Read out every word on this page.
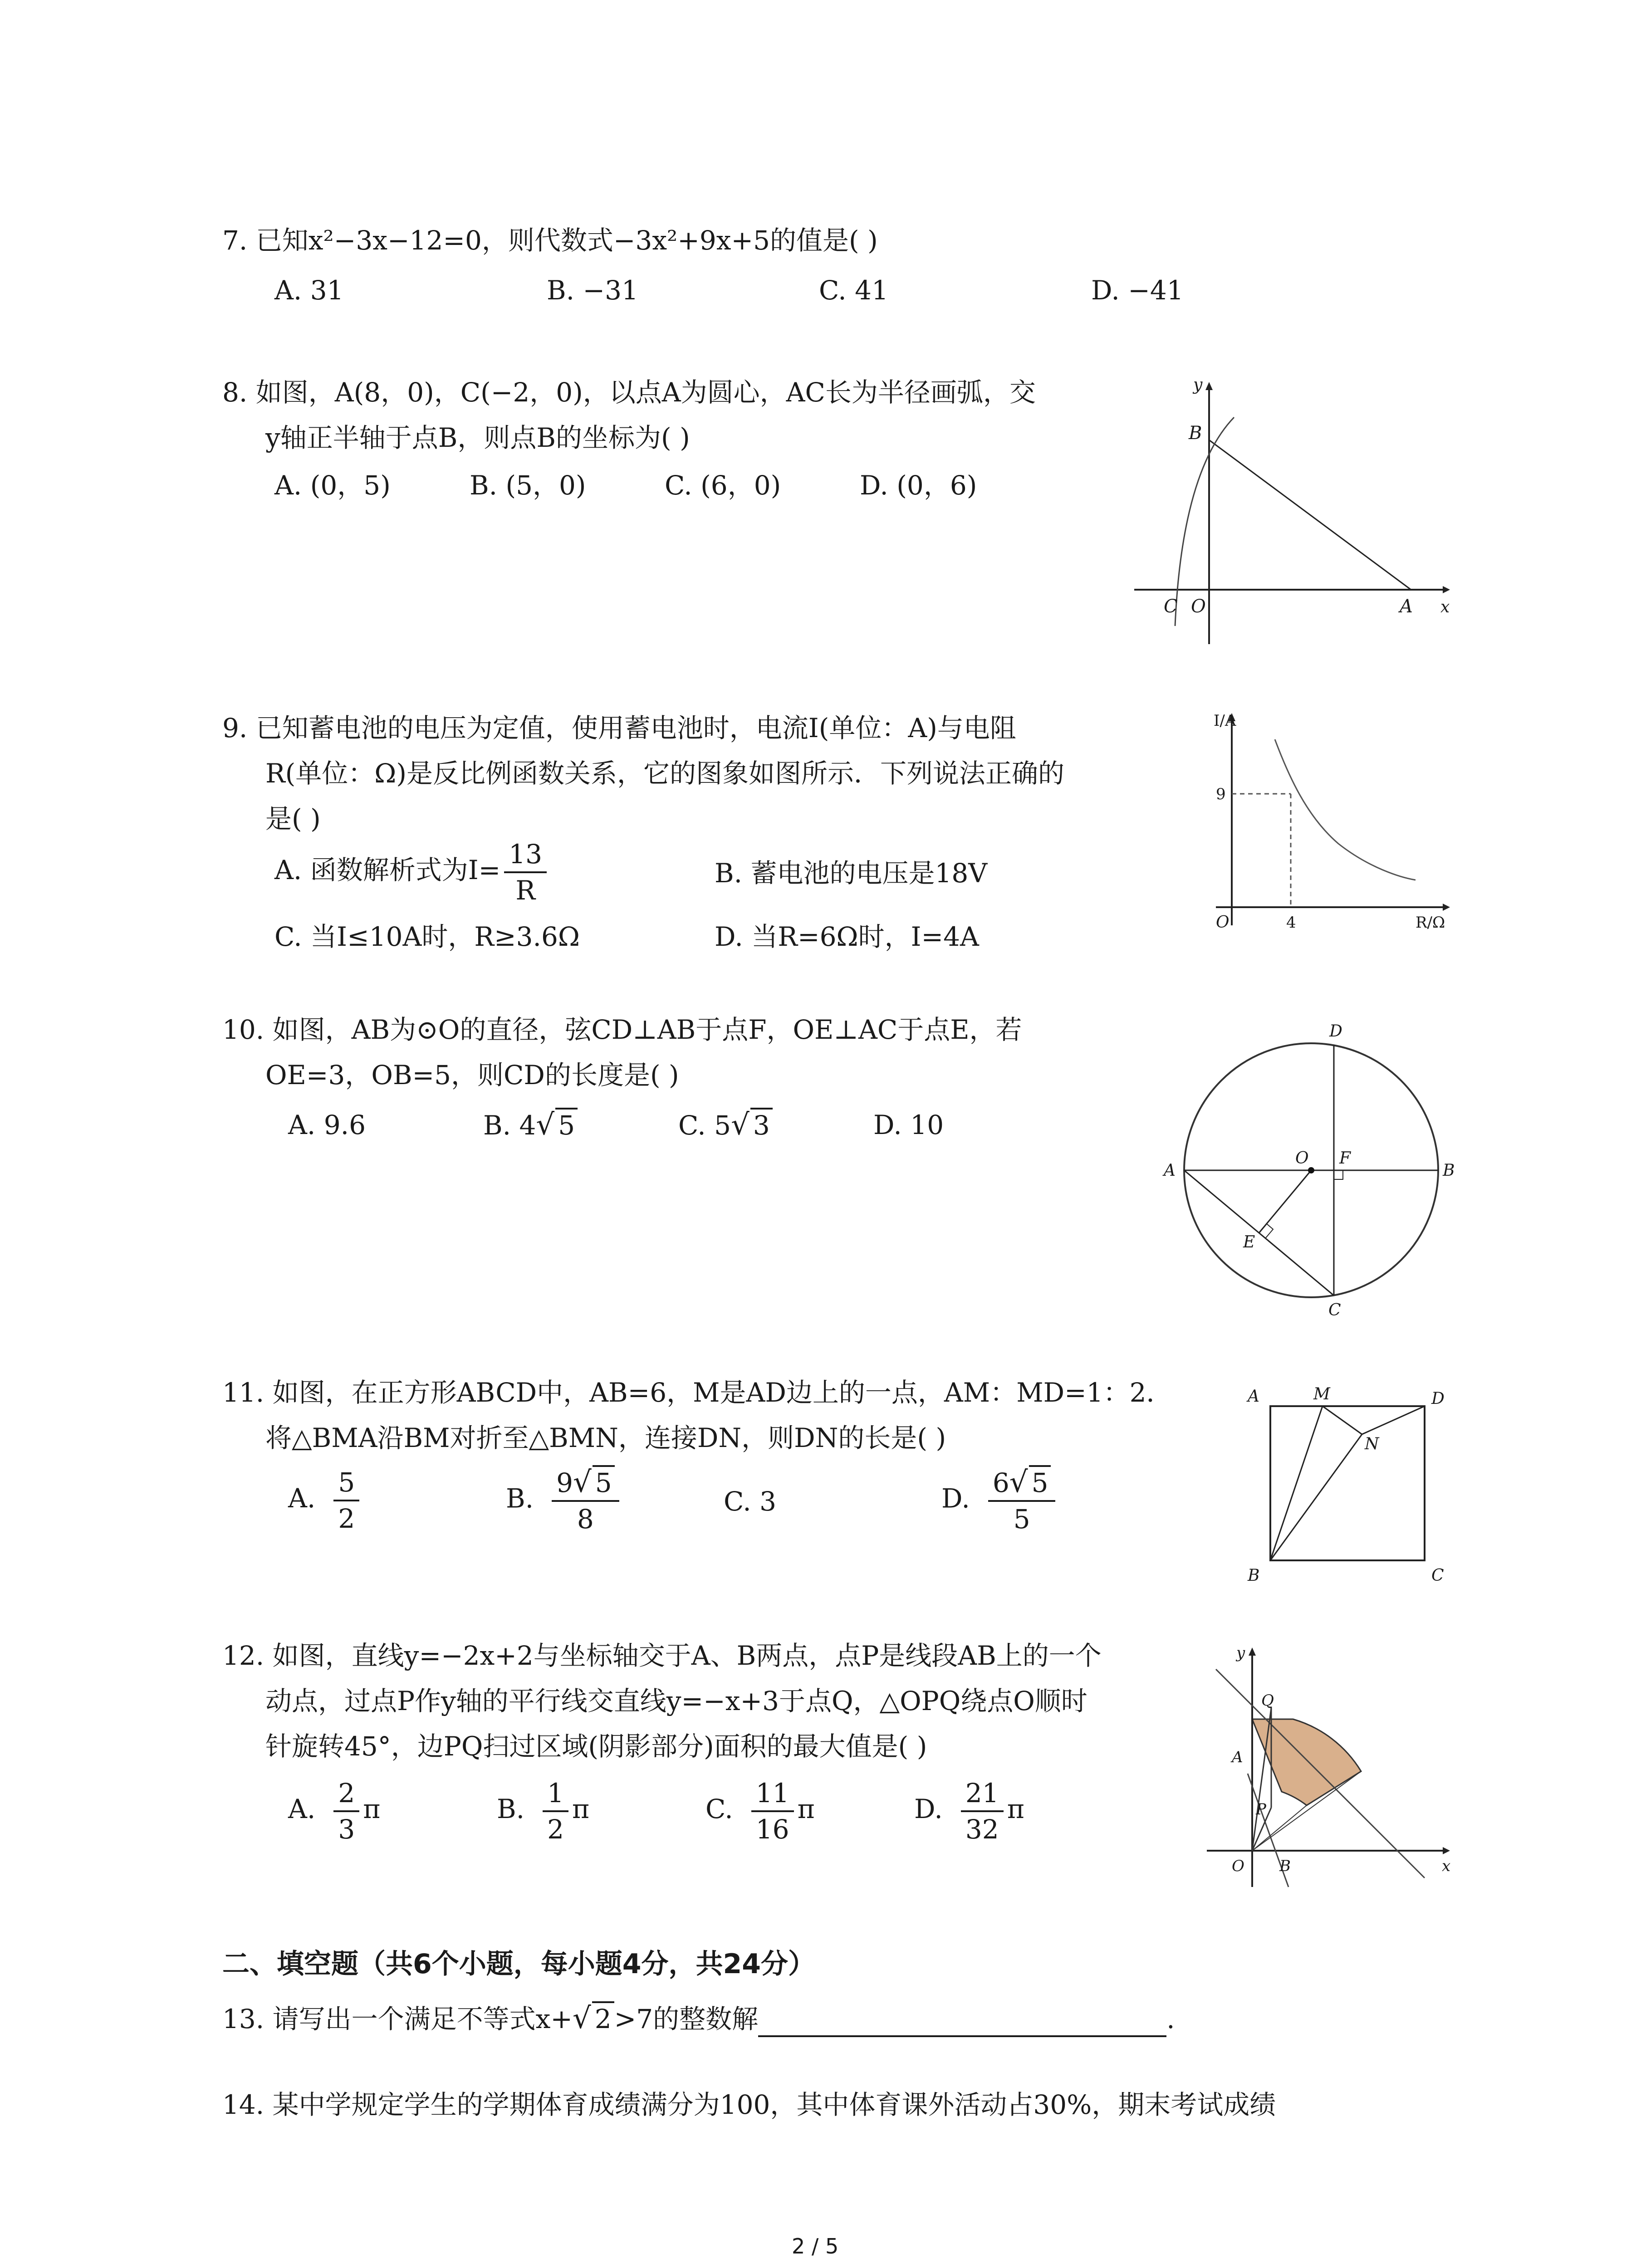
7. 已知x²−3x−12=0，则代数式−3x²+9x+5的值是( )
A. 31	B. −31	C. 41	D. −41
8. 如图，A(8，0)，C(−2，0)，以点A为圆心，AC长为半径画弧，交
y轴正半轴于点B，则点B的坐标为( )
A. (0，5)	B. (5，0)	C. (6，0)	D. (0，6)
y
B
C O	A x
9. 已知蓄电池的电压为定值，使用蓄电池时，电流I(单位：A)与电阻
R(单位：Ω)是反比例函数关系，它的图象如图所示．下列说法正确的
是( )
A. 函数解析式为$I= \frac{13}{R}$	B. 蓄电池的电压是18V
C. 当I≤10A时，R≥3.6Ω	D. 当R=6Ω时，I=4A
I/A
9
O	4	R/Ω
10. 如图，AB为⊙O的直径，弦CD⊥AB于点F，OE⊥AC于点E，若
OE=3，OB=5，则CD的长度是( )
A. 9.6	B. 4√ 5	C. 5√ 3	D. 10
D
A
O F
B
E
C
11. 如图，在正方形ABCD中，AB=6，M是AD边上的一点，AM：MD=1：2．
将△BMA沿BM对折至△BMN，连接DN，则DN的长是( )
A. $\frac{5}{2}$	B. $\frac{9√ 5}{8}$	C. 3	D. $\frac{6√ 5}{5}$
A	M	D
N
B	C
12. 如图，直线y=−2x+2与坐标轴交于A、B两点，点P是线段AB上的一个
动点，过点P作y轴的平行线交直线y=−x+3于点Q，△OPQ绕点O顺时
针旋转45°，边PQ扫过区域(阴影部分)面积的最大值是( )
A. $\frac{2}{3}$ π	B. $\frac{1}{2}$ π	C. $\frac{11}{16}$ π	D. $\frac{21}{32}$ π
y
Q
A
P
O B	x
二、填空题（共6个小题，每小题4分，共24分）
13. 请写出一个满足不等式x+√ 2 >7的整数解	.
14. 某中学规定学生的学期体育成绩满分为100，其中体育课外活动占30%，期末考试成绩
2 / 5
